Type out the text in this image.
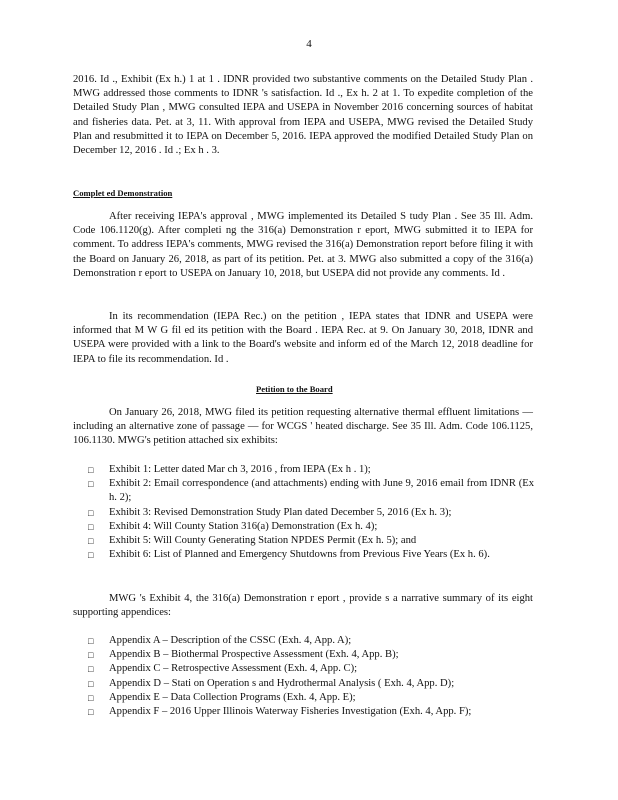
4

2016. Id ., Exhibit (Ex h.) 1 at 1 . IDNR provided two substantive comments on the Detailed Study Plan . MWG addressed those comments to IDNR 's satisfaction. Id ., Ex h. 2 at 1. To expedite completion of the Detailed Study Plan , MWG consulted IEPA and USEPA in November 2016 concerning sources of habitat and fisheries data. Pet. at 3, 11. With approval from IEPA and USEPA, MWG revised the Detailed Study Plan and resubmitted it to IEPA on December 5, 2016. IEPA approved the modified Detailed Study Plan on December 12, 2016 . Id .; Ex h . 3.

Complet ed Demonstration

After receiving IEPA's approval , MWG implemented its Detailed S tudy Plan . See 35 Ill. Adm. Code 106.1120(g). After completi ng the 316(a) Demonstration r eport, MWG submitted it to IEPA for comment. To address IEPA's comments, MWG revised the 316(a) Demonstration report before filing it with the Board on January 26, 2018, as part of its petition. Pet. at 3. MWG also submitted a copy of the 316(a) Demonstration r eport to USEPA on January 10, 2018, but USEPA did not provide any comments. Id .

In its recommendation (IEPA Rec.) on the petition , IEPA states that IDNR and USEPA were informed that M W G fil ed its petition with the Board . IEPA Rec. at 9. On January 30, 2018, IDNR and USEPA were provided with a link to the Board's website and inform ed of the March 12, 2018 deadline for IEPA to file its recommendation. Id .

Petition to the Board

On January 26, 2018, MWG filed its petition requesting alternative thermal effluent limitations — including an alternative zone of passage — for WCGS ' heated discharge. See 35 Ill. Adm. Code 106.1125, 106.1130. MWG's petition attached six exhibits:

□	Exhibit 1: Letter dated Mar ch 3, 2016 , from IEPA (Ex h . 1);
□	Exhibit 2: Email correspondence (and attachments) ending with June 9, 2016 email from IDNR (Ex h. 2);
□	Exhibit 3: Revised Demonstration Study Plan dated December 5, 2016 (Ex h. 3);
□	Exhibit 4: Will County Station 316(a) Demonstration (Ex h. 4);
□	Exhibit 5: Will County Generating Station NPDES Permit (Ex h. 5); and
□	Exhibit 6: List of Planned and Emergency Shutdowns from Previous Five Years (Ex h. 6).

MWG 's Exhibit 4, the 316(a) Demonstration r eport , provide s a narrative summary of its eight supporting appendices:

□	Appendix A – Description of the CSSC (Exh. 4, App. A);
□	Appendix B – Biothermal Prospective Assessment (Exh. 4, App. B);
□	Appendix C – Retrospective Assessment (Exh. 4, App. C);
□	Appendix D – Stati on Operation s and Hydrothermal Analysis ( Exh. 4, App. D);
□	Appendix E – Data Collection Programs (Exh. 4, App. E);
□	Appendix F – 2016 Upper Illinois Waterway Fisheries Investigation (Exh. 4, App. F);
